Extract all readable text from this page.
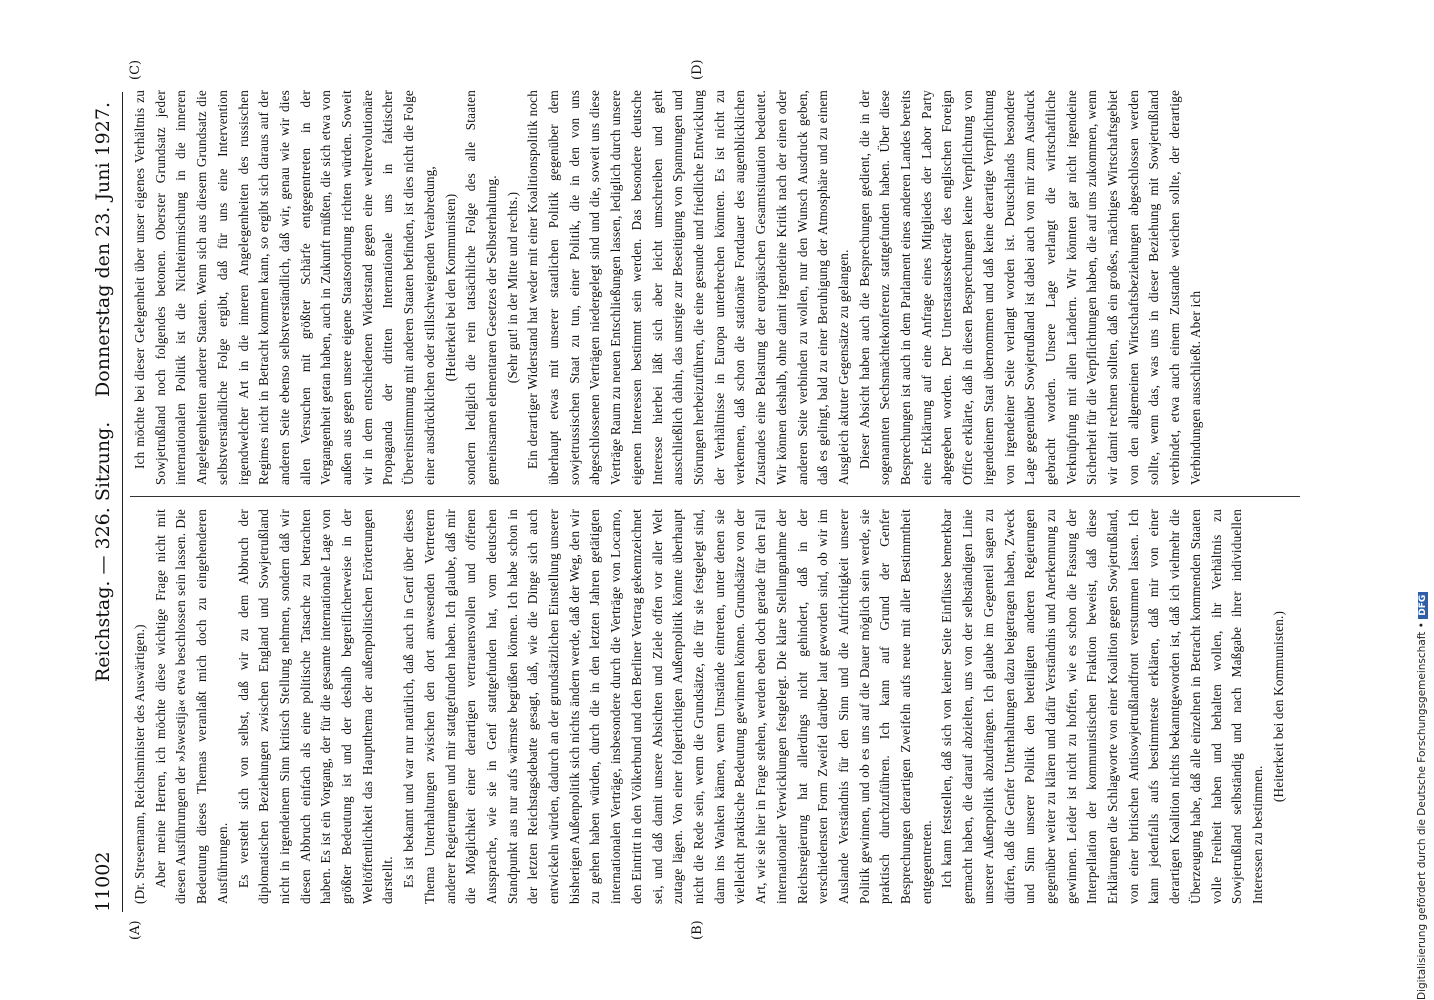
11002
Reichstag. — 326. Sitzung.
Donnerstag den 23. Juni 1927.
(A)	(B)
(C)	(D)

(Dr. Stresemann, Reichsminister des Auswärtigen.) Aber meine Herren, ich möchte diese wichtige Frage nicht mit diesen Ausführungen der »Jswestija« etwa beschlossen sein lassen. Die Bedeutung dieses Themas veranlaßt mich doch zu eingehenderen Ausführungen. Es versteht sich von selbst, daß wir zu dem Abbruch der diplomatischen Beziehungen zwischen England und Sowjetrußland nicht in irgendeinem Sinn kritisch Stellung nehmen, sondern daß wir diesen Abbruch einfach als eine politische Tatsache zu betrachten haben. Es ist ein Vorgang, der für die gesamte internationale Lage von größter Bedeutung ist und der deshalb begreiflicherweise in der Weltöffentlichkeit das Hauptthema der außenpolitischen Erörterungen darstellt. Es ist bekannt und war nur natürlich, daß auch in Genf über dieses Thema Unterhaltungen zwischen den dort anwesenden Vertretern anderer Regierungen und mir stattgefunden haben. Ich glaube, daß mir die Möglichkeit einer derartigen vertrauensvollen und offenen Aussprache, wie sie in Genf stattgefunden hat, vom deutschen Standpunkt aus nur aufs wärmste begrüßen können. Ich habe schon in der letzten Reichstagsdebatte gesagt, daß, wie die Dinge sich auch entwickeln würden, dadurch an der grundsätzlichen Einstellung unserer bisherigen Außenpolitik sich nichts ändern werde, daß der Weg, den wir zu gehen haben würden, durch die in den letzten Jahren getätigten internationalen Verträge, insbesondere durch die Verträge von Locarno, den Eintritt in den Völkerbund und den Berliner Vertrag gekennzeichnet sei, und daß damit unsere Absichten und Ziele offen vor aller Welt zutage lägen. Von einer folgerichtigen Außenpolitik könnte überhaupt nicht die Rede sein, wenn die Grundsätze, die für sie festgelegt sind, dann ins Wanken kämen, wenn Umstände eintreten, unter denen sie vielleicht praktische Bedeutung gewinnen können. Grundsätze von der Art, wie sie hier in Frage stehen, werden eben doch gerade für den Fall internationaler Verwicklungen festgelegt. Die klare Stellungnahme der Reichsregierung hat allerdings nicht gehindert, daß in der verschiedensten Form Zweifel darüber laut geworden sind, ob wir im Auslande Verständnis für den Sinn und die Aufrichtigkeit unserer Politik gewinnen, und ob es uns auf die Dauer möglich sein werde, sie praktisch durchzuführen. Ich kann auf Grund der Genfer Besprechungen derartigen Zweifeln aufs neue mit aller Bestimmtheit entgegentreten. Ich kann feststellen, daß sich von keiner Seite Einflüsse bemerkbar gemacht haben, die darauf abzielten, uns von der selbständigen Linie unserer Außenpolitik abzudrängen. Ich glaube im Gegenteil sagen zu dürfen, daß die Genfer Unterhaltungen dazu beigetragen haben, Zweck und Sinn unserer Politik den beteiligten anderen Regierungen gegenüber weiter zu klären und dafür Verständnis und Anerkennung zu gewinnen. Leider ist nicht zu hoffen, wie es schon die Fassung der Interpellation der kommunistischen Fraktion beweist, daß diese Erklärungen die Schlagworte von einer Koalition gegen Sowjetrußland, von einer britischen Antisowjetrußlandfront verstummen lassen. Ich kann jedenfalls aufs bestimmteste erklären, daß mir von einer derartigen Koalition nichts bekanntgeworden ist, daß ich vielmehr die Überzeugung habe, daß alle einzelnen in Betracht kommenden Staaten volle Freiheit haben und behalten wollen, ihr Verhältnis zu Sowjetrußland selbständig und nach Maßgabe ihrer individuellen Interessen zu bestimmen.

(Heiterkeit bei den Kommunisten.)

Ich möchte bei dieser Gelegenheit über unser eigenes Verhältnis zu Sowjetrußland noch folgendes betonen. Oberster Grundsatz jeder internationalen Politik ist die Nichteinmischung in die inneren Angelegenheiten anderer Staaten. Wenn sich aus diesem Grundsatz die selbstverständliche Folge ergibt, daß für uns eine Intervention irgendwelcher Art in die inneren Angelegenheiten des russischen Regimes nicht in Betracht kommen kann, so ergibt sich daraus auf der anderen Seite ebenso selbstverständlich, daß wir, genau wie wir dies allen Versuchen mit größter Schärfe entgegentreten in der Vergangenheit getan haben, auch in Zukunft müßten, die sich etwa von außen aus gegen unsere eigene Staatsordnung richten würden. Soweit wir in dem entschiedenen Widerstand gegen eine weltrevolutionäre Propaganda der dritten Internationale uns in faktischer Übereinstimmung mit anderen Staaten befinden, ist dies nicht die Folge einer ausdrücklichen oder stillschweigenden Verabredung, (Heiterkeit bei den Kommunisten) sondern lediglich die rein tatsächliche Folge des alle Staaten gemeinsamen elementaren Gesetzes der Selbsterhaltung. (Sehr gut! in der Mitte und rechts.) Ein derartiger Widerstand hat weder mit einer Koalitionspolitik noch überhaupt etwas mit unserer staatlichen Politik gegenüber dem sowjetrussischen Staat zu tun, einer Politik, die in den von uns abgeschlossenen Verträgen niedergelegt sind und die, soweit uns diese Verträge Raum zu neuen Entschließungen lassen, lediglich durch unsere eigenen Interessen bestimmt sein werden. Das besondere deutsche Interesse hierbei läßt sich aber leicht umschreiben und geht ausschließlich dahin, das unsrige zur Beseitigung von Spannungen und Störungen herbeizuführen, die eine gesunde und friedliche Entwicklung der Verhältnisse in Europa unterbrechen könnten. Es ist nicht zu verkennen, daß schon die stationäre Fortdauer des augenblicklichen Zustandes eine Belastung der europäischen Gesamtsituation bedeutet. Wir können deshalb, ohne damit irgendeine Kritik nach der einen oder anderen Seite verbinden zu wollen, nur den Wunsch Ausdruck geben, daß es gelingt, bald zu einer Beruhigung der Atmosphäre und zu einem Ausgleich aktuter Gegensätze zu gelangen. Dieser Absicht haben auch die Besprechungen gedient, die in der sogenannten Sechsmächtekonferenz stattgefunden haben. Über diese Besprechungen ist auch in dem Parlament eines anderen Landes bereits eine Erklärung auf eine Anfrage eines Mitgliedes der Labor Party abgegeben worden. Der Unterstaatssekretär des englischen Foreign Office erklärte, daß in diesen Besprechungen keine Verpflichtung von irgendeinem Staat übernommen und daß keine derartige Verpflichtung von irgendeiner Seite verlangt worden ist. Deutschlands besondere Lage gegenüber Sowjetrußland ist dabei auch von mir zum Ausdruck gebracht worden. Unsere Lage verlangt die wirtschaftliche Verknüpfung mit allen Ländern. Wir könnten gar nicht irgendeine Sicherheit für die Verpflichtungen haben, die auf uns zukommen, wenn wir damit rechnen sollten, daß ein großes, mächtiges Wirtschaftsgebiet von den allgemeinen Wirtschaftsbeziehungen abgeschlossen werden sollte, wenn das, was uns in dieser Beziehung mit Sowjetrußland verbindet, etwa auch einem Zustande weichen sollte, der derartige Verbindungen ausschließt. Aber ich

Digitalisierung gefördert durch die Deutsche Forschungsgemeinschaft • DFG
